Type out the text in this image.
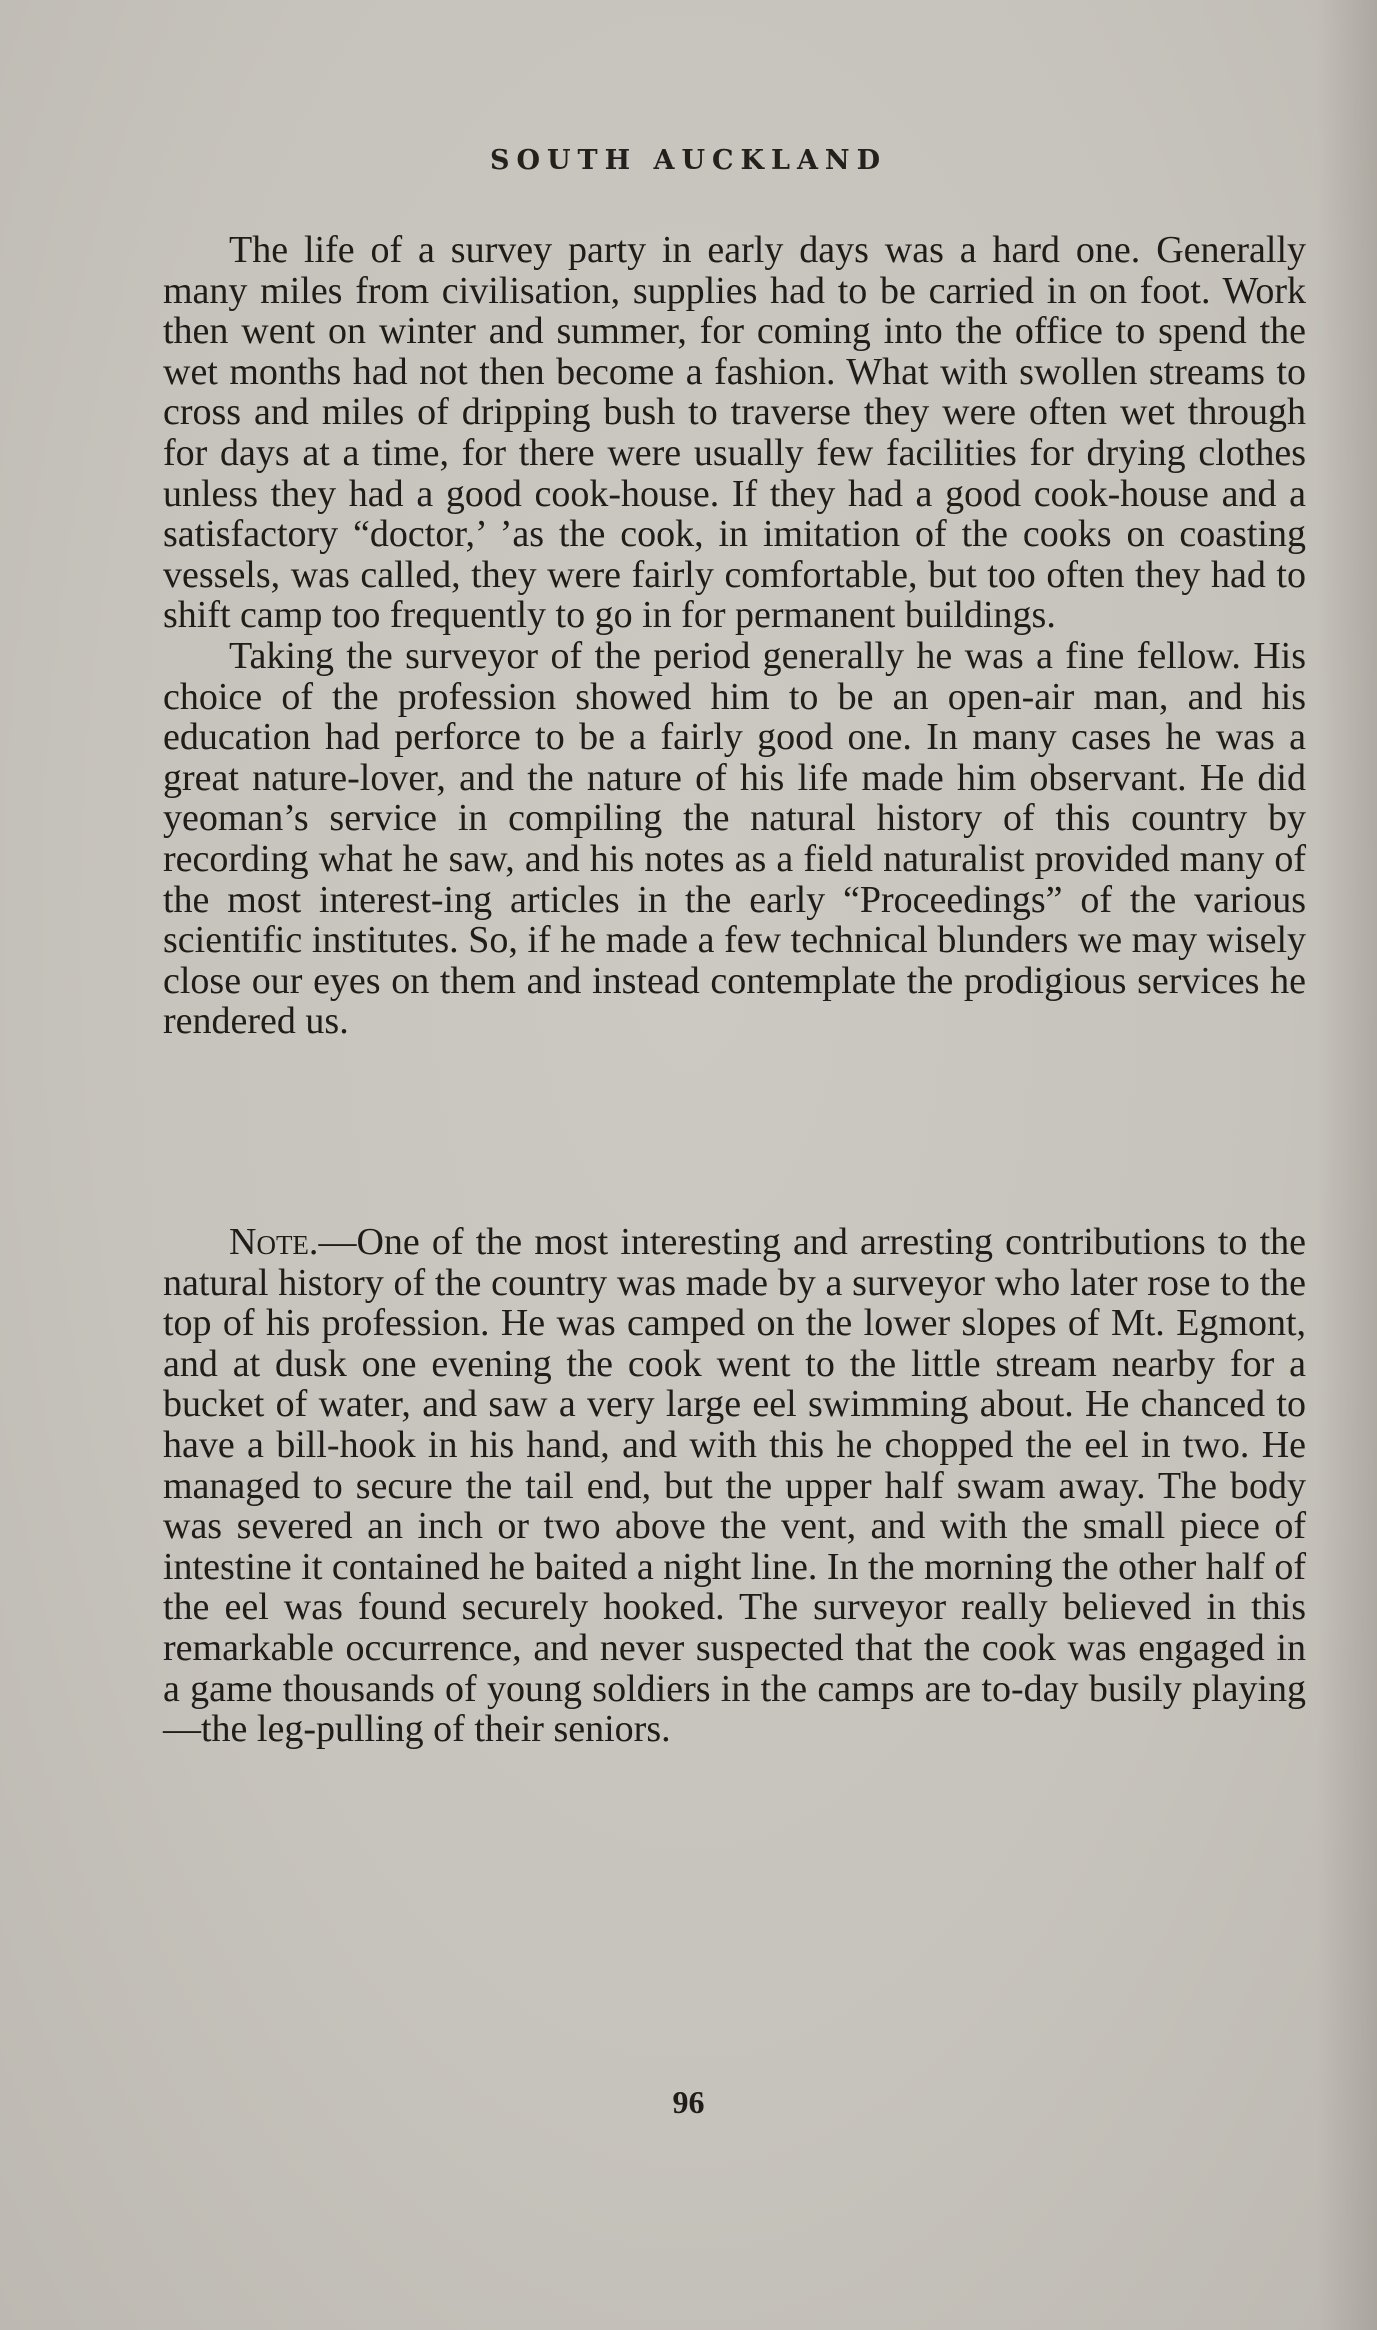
SOUTH AUCKLAND

The life of a survey party in early days was a hard one. Generally many miles from civilisation, supplies had to be carried in on foot. Work then went on winter and summer, for coming into the office to spend the wet months had not then become a fashion. What with swollen streams to cross and miles of dripping bush to traverse they were often wet through for days at a time, for there were usually few facilities for drying clothes unless they had a good cook-house. If they had a good cook-house and a satisfactory “doctor,’ ’as the cook, in imitation of the cooks on coasting vessels, was called, they were fairly comfortable, but too often they had to shift camp too frequently to go in for permanent buildings.

Taking the surveyor of the period generally he was a fine fellow. His choice of the profession showed him to be an open-air man, and his education had perforce to be a fairly good one. In many cases he was a great nature-lover, and the nature of his life made him observant. He did yeoman’s service in compiling the natural history of this country by recording what he saw, and his notes as a field naturalist provided many of the most interest-ing articles in the early “Proceedings” of the various scientific institutes. So, if he made a few technical blunders we may wisely close our eyes on them and instead contemplate the prodigious services he rendered us.

Note.—One of the most interesting and arresting contributions to the natural history of the country was made by a surveyor who later rose to the top of his profession. He was camped on the lower slopes of Mt. Egmont, and at dusk one evening the cook went to the little stream nearby for a bucket of water, and saw a very large eel swimming about. He chanced to have a bill-hook in his hand, and with this he chopped the eel in two. He managed to secure the tail end, but the upper half swam away. The body was severed an inch or two above the vent, and with the small piece of intestine it contained he baited a night line. In the morning the other half of the eel was found securely hooked. The surveyor really believed in this remarkable occurrence, and never suspected that the cook was engaged in a game thousands of young soldiers in the camps are to-day busily playing—the leg-pulling of their seniors.

96
